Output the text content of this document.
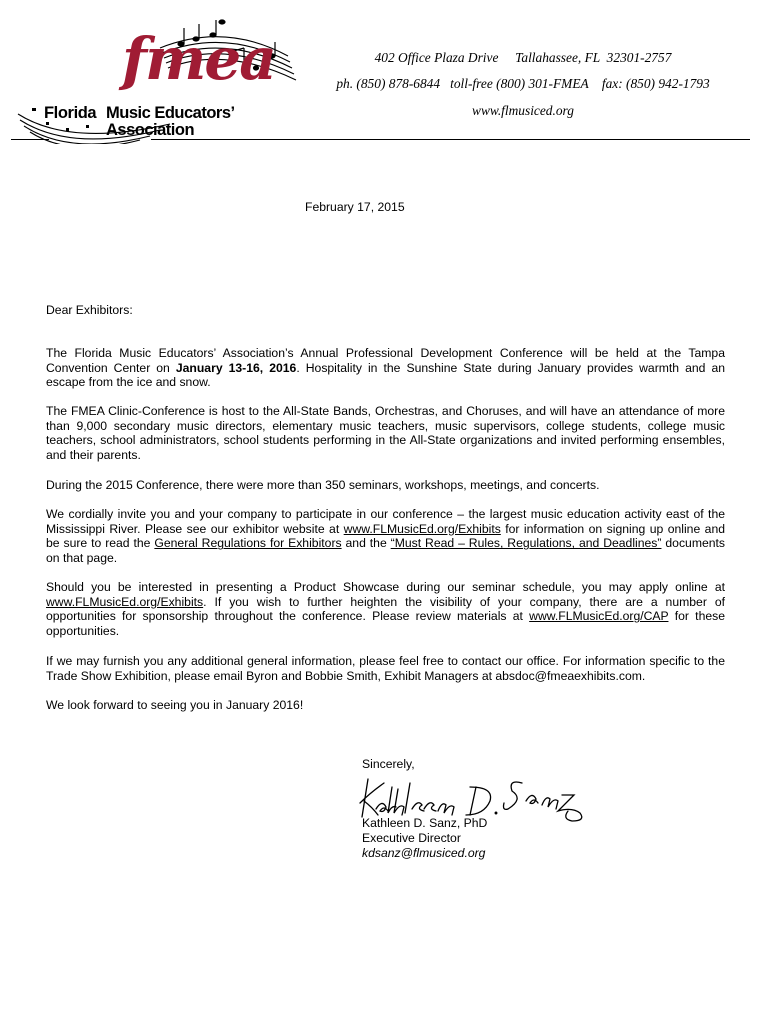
fmea
Florida Music Educators’ Association
402 Office Plaza Drive     Tallahassee, FL  32301-2757
ph. (850) 878-6844   toll-free (800) 301-FMEA    fax: (850) 942-1793
www.flmusiced.org
February 17, 2015
Dear Exhibitors:

The Florida Music Educators’ Association’s Annual Professional Development Conference will be held at the Tampa Convention Center on January 13-16, 2016. Hospitality in the Sunshine State during January provides warmth and an escape from the ice and snow.

The FMEA Clinic-Conference is host to the All-State Bands, Orchestras, and Choruses, and will have an attendance of more than 9,000 secondary music directors, elementary music teachers, music supervisors, college students, college music teachers, school administrators, school students performing in the All-State organizations and invited performing ensembles, and their parents.

During the 2015 Conference, there were more than 350 seminars, workshops, meetings, and concerts.

We cordially invite you and your company to participate in our conference – the largest music education activity east of the Mississippi River. Please see our exhibitor website at www.FLMusicEd.org/Exhibits for information on signing up online and be sure to read the General Regulations for Exhibitors and the “Must Read – Rules, Regulations, and Deadlines” documents on that page.

Should you be interested in presenting a Product Showcase during our seminar schedule, you may apply online at www.FLMusicEd.org/Exhibits. If you wish to further heighten the visibility of your company, there are a number of opportunities for sponsorship throughout the conference. Please review materials at www.FLMusicEd.org/CAP for these opportunities.

If we may furnish you any additional general information, please feel free to contact our office. For information specific to the Trade Show Exhibition, please email Byron and Bobbie Smith, Exhibit Managers at absdoc@fmeaexhibits.com.

We look forward to seeing you in January 2016!

Sincerely,
Kathleen D. Sanz, PhD
Executive Director
kdsanz@flmusiced.org
